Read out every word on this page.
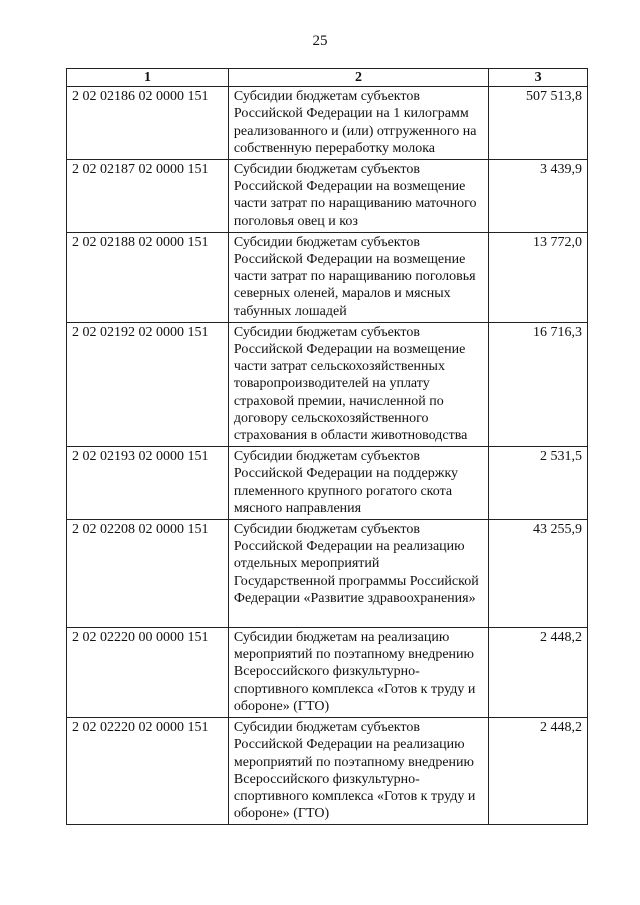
25
1	2	3
2 02 02186 02 0000 151	Субсидии бюджетам субъектов Российской Федерации на 1 килограмм реализованного и (или) отгруженного на собственную переработку молока	507 513,8
2 02 02187 02 0000 151	Субсидии бюджетам субъектов Российской Федерации на возмещение части затрат по наращиванию маточного поголовья овец и коз	3 439,9
2 02 02188 02 0000 151	Субсидии бюджетам субъектов Российской Федерации на возмещение части затрат по наращиванию поголовья северных оленей, маралов и мясных табунных лошадей	13 772,0
2 02 02192 02 0000 151	Субсидии бюджетам субъектов Российской Федерации на возмещение части затрат сельскохозяйственных товаропроизводителей на уплату страховой премии, начисленной по договору сельскохозяйственного страхования в области животноводства	16 716,3
2 02 02193 02 0000 151	Субсидии бюджетам субъектов Российской Федерации на поддержку племенного крупного рогатого скота мясного направления	2 531,5
2 02 02208 02 0000 151	Субсидии бюджетам субъектов Российской Федерации на реализацию отдельных мероприятий Государственной программы Российской Федерации «Развитие здравоохранения»	43 255,9
2 02 02220 00 0000 151	Субсидии бюджетам на реализацию мероприятий по поэтапному внедрению Всероссийского физкультурно-спортивного комплекса «Готов к труду и обороне» (ГТО)	2 448,2
2 02 02220 02 0000 151	Субсидии бюджетам субъектов Российской Федерации на реализацию мероприятий по поэтапному внедрению Всероссийского физкультурно-спортивного комплекса «Готов к труду и обороне» (ГТО)	2 448,2
